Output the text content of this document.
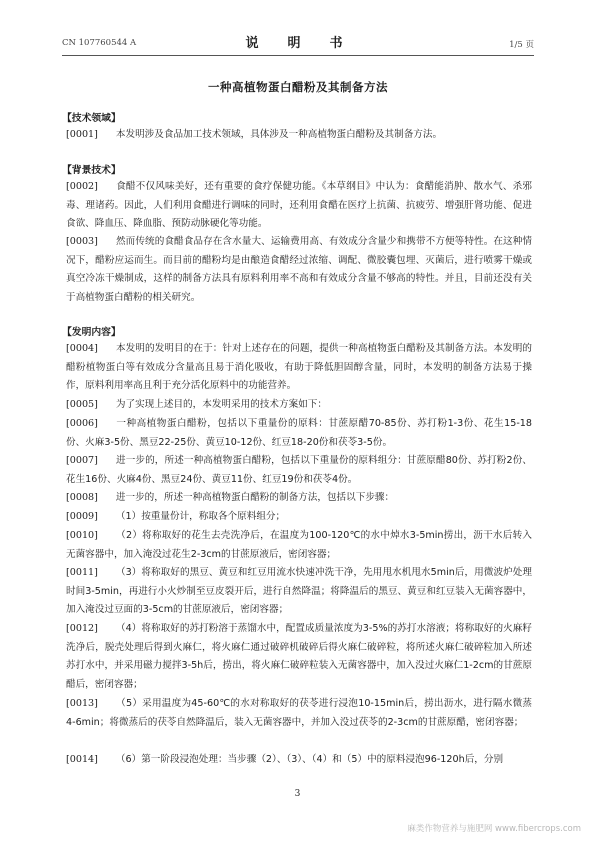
CN 107760544 A	说　明　书	1/5 页
一种高植物蛋白醋粉及其制备方法
【技术领域】
[0001] 本发明涉及食品加工技术领域，具体涉及一种高植物蛋白醋粉及其制备方法。
【背景技术】
[0002] 食醋不仅风味美好，还有重要的食疗保健功能。《本草纲目》中认为：食醋能消肿、散水气、杀邪毒、理诸药。因此，人们利用食醋进行调味的同时，还利用食醋在医疗上抗菌、抗疲劳、增强肝肾功能、促进食欲、降血压、降血脂、预防动脉硬化等功能。
[0003] 然而传统的食醋食品存在含水量大、运输费用高、有效成分含量少和携带不方便等特性。在这种情况下，醋粉应运而生。而目前的醋粉均是由酿造食醋经过浓缩、调配、微胶囊包埋、灭菌后，进行喷雾干燥或真空冷冻干燥制成，这样的制备方法具有原料利用率不高和有效成分含量不够高的特性。并且，目前还没有关于高植物蛋白醋粉的相关研究。
【发明内容】
[0004] 本发明的发明目的在于：针对上述存在的问题，提供一种高植物蛋白醋粉及其制备方法。本发明的醋粉植物蛋白等有效成分含量高且易于消化吸收，有助于降低胆固醇含量，同时，本发明的制备方法易于操作，原料利用率高且利于充分活化原料中的功能营养。
[0005] 为了实现上述目的，本发明采用的技术方案如下：
[0006] 一种高植物蛋白醋粉，包括以下重量份的原料：甘蔗原醋70-85份、苏打粉1-3份、花生15-18份、火麻3-5份、黑豆22-25份、黄豆10-12份、红豆18-20份和茯苓3-5份。
[0007] 进一步的，所述一种高植物蛋白醋粉，包括以下重量份的原料组分：甘蔗原醋80份、苏打粉2份、花生16份、火麻4份、黑豆24份、黄豆11份、红豆19份和茯苓4份。
[0008] 进一步的，所述一种高植物蛋白醋粉的制备方法，包括以下步骤：
[0009] （1）按重量份计，称取各个原料组分；
[0010] （2）将称取好的花生去壳洗净后，在温度为100-120℃的水中焯水3-5min捞出，沥干水后转入无菌容器中，加入淹没过花生2-3cm的甘蔗原液后，密闭容器；
[0011] （3）将称取好的黑豆、黄豆和红豆用流水快速冲洗干净，先用甩水机甩水5min后，用微波炉处理时间3-5min，再进行小火炒制至豆皮裂开后，进行自然降温；将降温后的黑豆、黄豆和红豆装入无菌容器中，加入淹没过豆面的3-5cm的甘蔗原液后，密闭容器；
[0012] （4）将称取好的苏打粉溶于蒸馏水中，配置成质量浓度为3-5%的苏打水溶液；将称取好的火麻籽洗净后，脱壳处理后得到火麻仁，将火麻仁通过破碎机破碎后得火麻仁破碎粒，将所述火麻仁破碎粒加入所述苏打水中，并采用磁力搅拌3-5h后，捞出，将火麻仁破碎粒装入无菌容器中，加入没过火麻仁1-2cm的甘蔗原醋后，密闭容器；
[0013] （5）采用温度为45-60℃的水对称取好的茯苓进行浸泡10-15min后，捞出沥水，进行隔水微蒸4-6min；将微蒸后的茯苓自然降温后，装入无菌容器中，并加入没过茯苓的2-3cm的甘蔗原醋，密闭容器；
[0014] （6）第一阶段浸泡处理：当步骤（2）、（3）、（4）和（5）中的原料浸泡96-120h后，分别
3
麻类作物营养与施肥网 www.fibercrops.com
